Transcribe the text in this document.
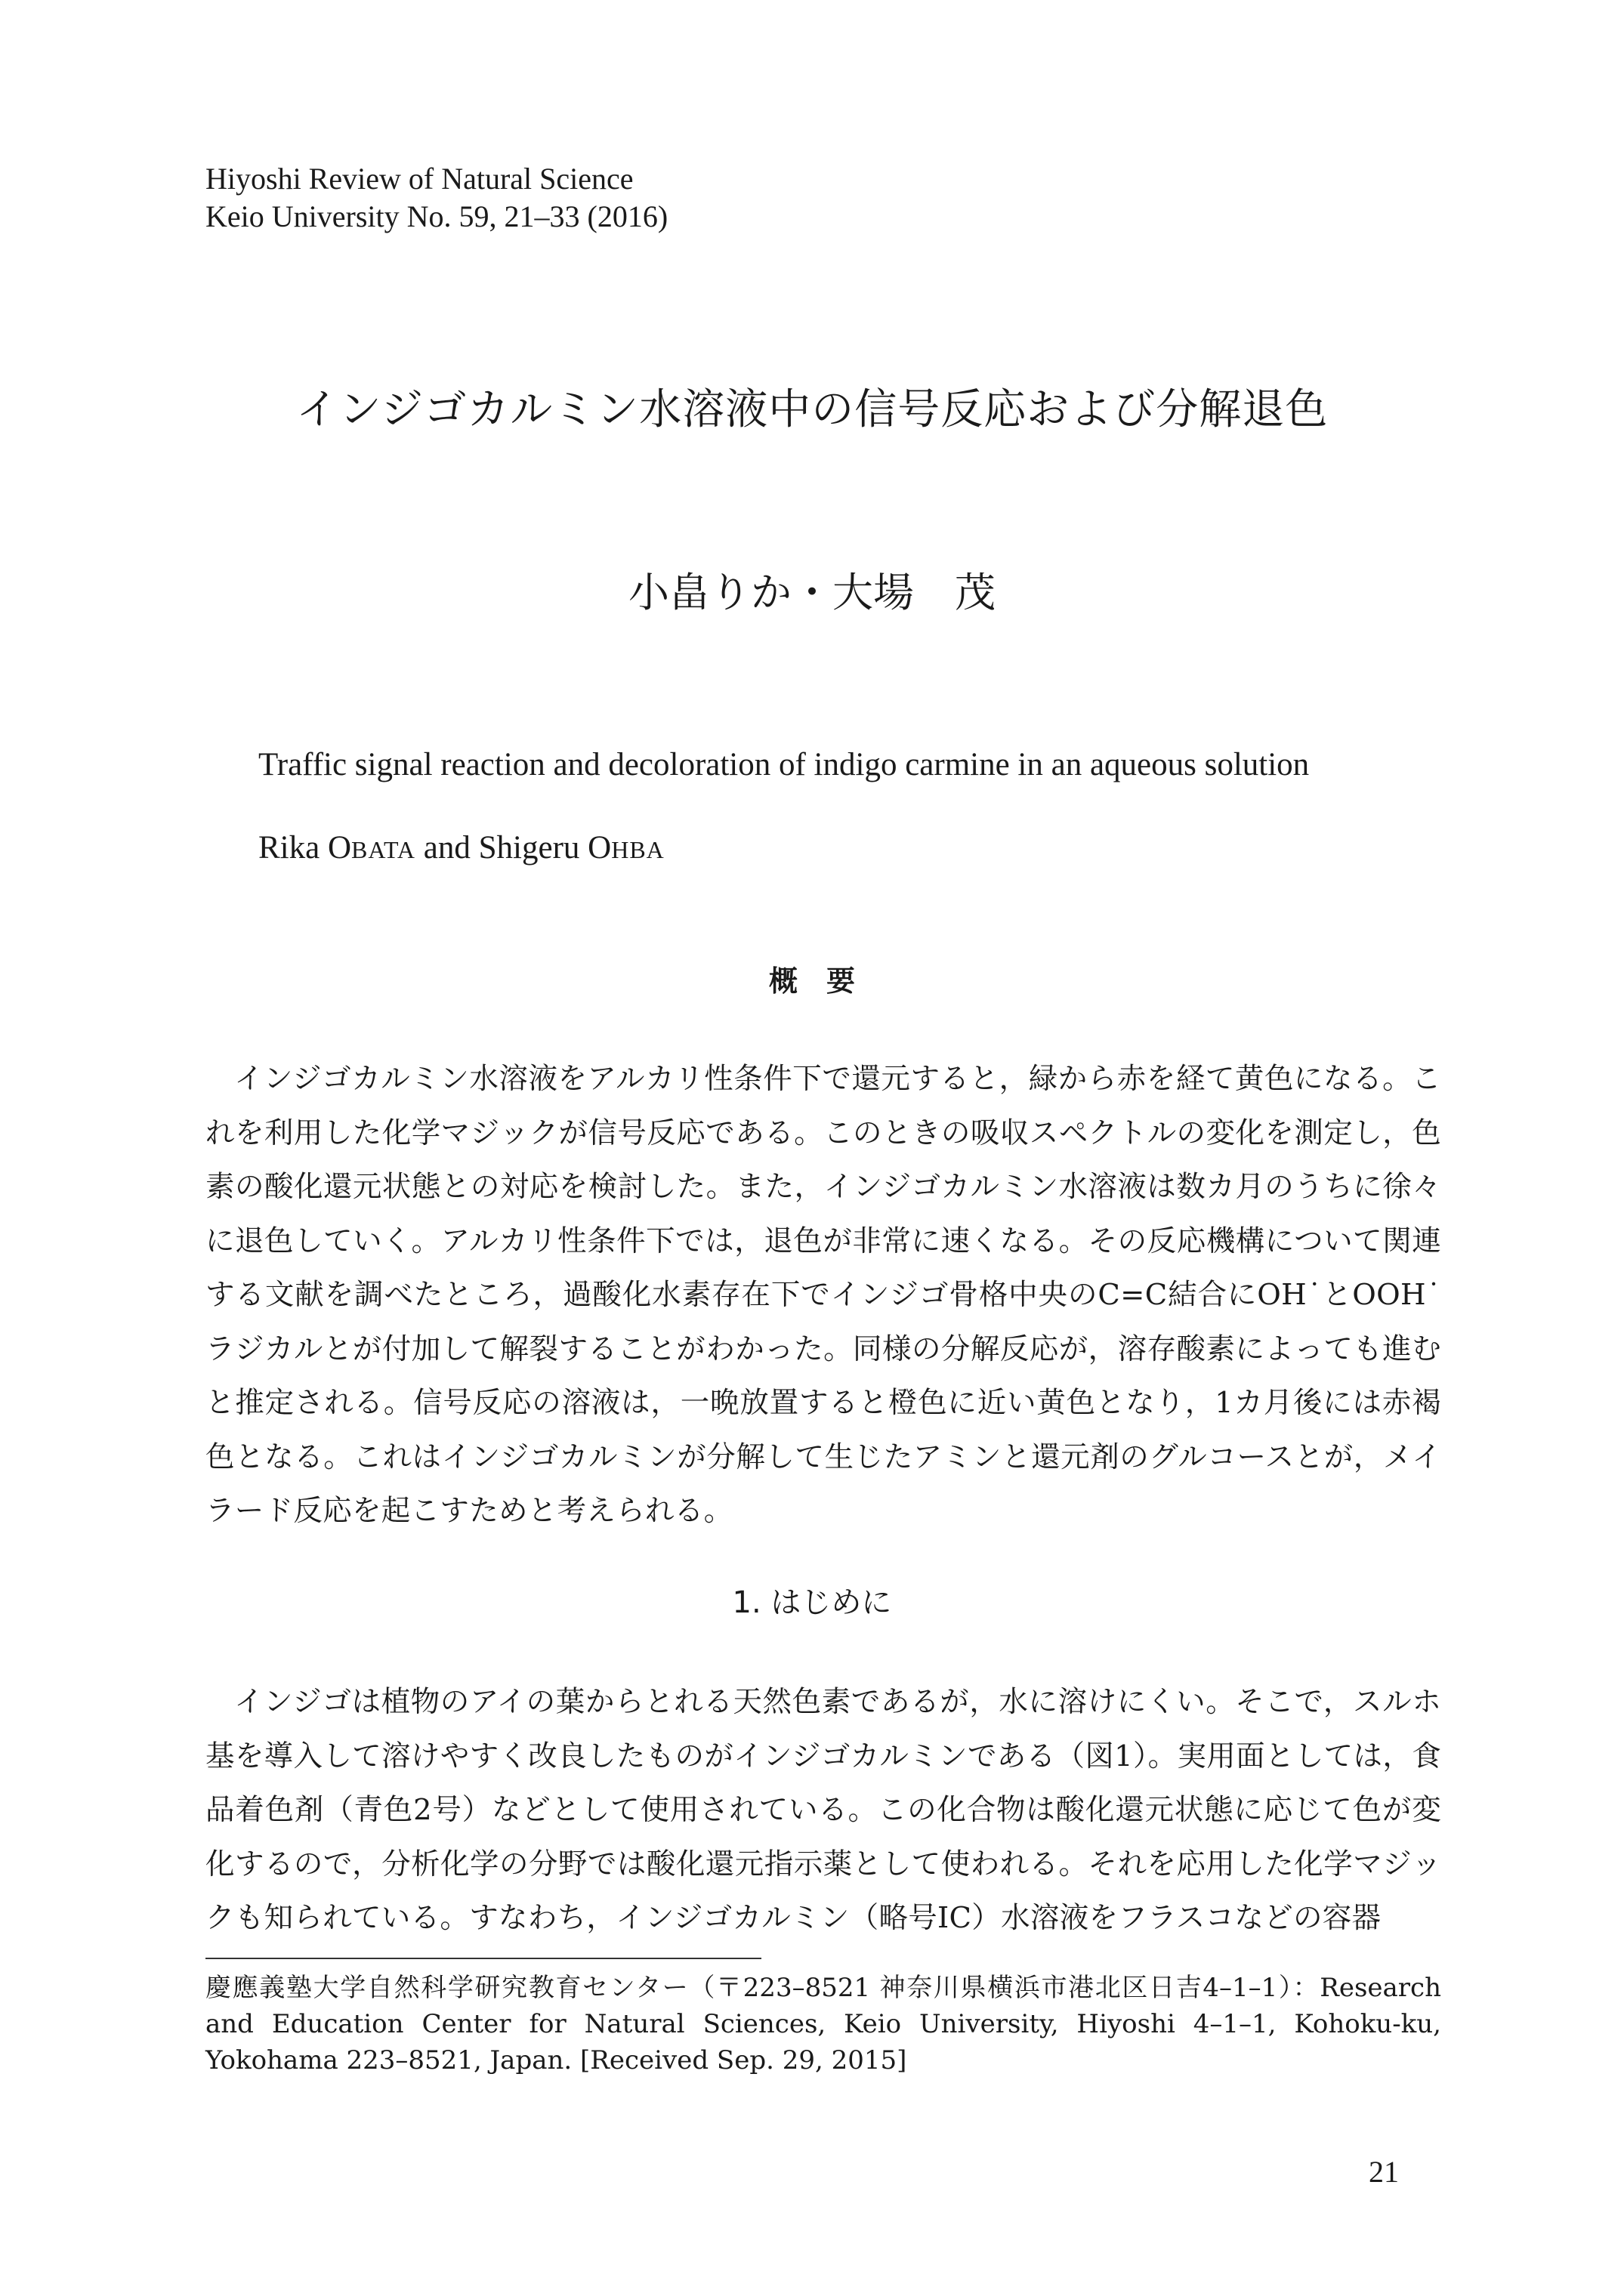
Hiyoshi Review of Natural Science
Keio University No. 59, 21–33 (2016)
インジゴカルミン水溶液中の信号反応および分解退色
小畠りか・大場　茂
Traffic signal reaction and decoloration of indigo carmine in an aqueous solution
Rika OBATA and Shigeru OHBA
概　要

インジゴカルミン水溶液をアルカリ性条件下で還元すると，緑から赤を経て黄色になる。これを利用した化学マジックが信号反応である。このときの吸収スペクトルの変化を測定し，色素の酸化還元状態との対応を検討した。また，インジゴカルミン水溶液は数カ月のうちに徐々に退色していく。アルカリ性条件下では，退色が非常に速くなる。その反応機構について関連する文献を調べたところ，過酸化水素存在下でインジゴ骨格中央のC=C結合にOH˙とOOH˙ラジカルとが付加して解裂することがわかった。同様の分解反応が，溶存酸素によっても進むと推定される。信号反応の溶液は，一晩放置すると橙色に近い黄色となり，1カ月後には赤褐色となる。これはインジゴカルミンが分解して生じたアミンと還元剤のグルコースとが，メイラード反応を起こすためと考えられる。

1. はじめに

インジゴは植物のアイの葉からとれる天然色素であるが，水に溶けにくい。そこで，スルホ基を導入して溶けやすく改良したものがインジゴカルミンである（図1）。実用面としては，食品着色剤（青色2号）などとして使用されている。この化合物は酸化還元状態に応じて色が変化するので，分析化学の分野では酸化還元指示薬として使われる。それを応用した化学マジックも知られている。すなわち，インジゴカルミン（略号IC）水溶液をフラスコなどの容器

慶應義塾大学自然科学研究教育センター（〒223–8521 神奈川県横浜市港北区日吉4–1–1）：Research and Education Center for Natural Sciences, Keio University, Hiyoshi 4–1–1, Kohoku-ku, Yokohama 223–8521, Japan. [Received Sep. 29, 2015]

21
